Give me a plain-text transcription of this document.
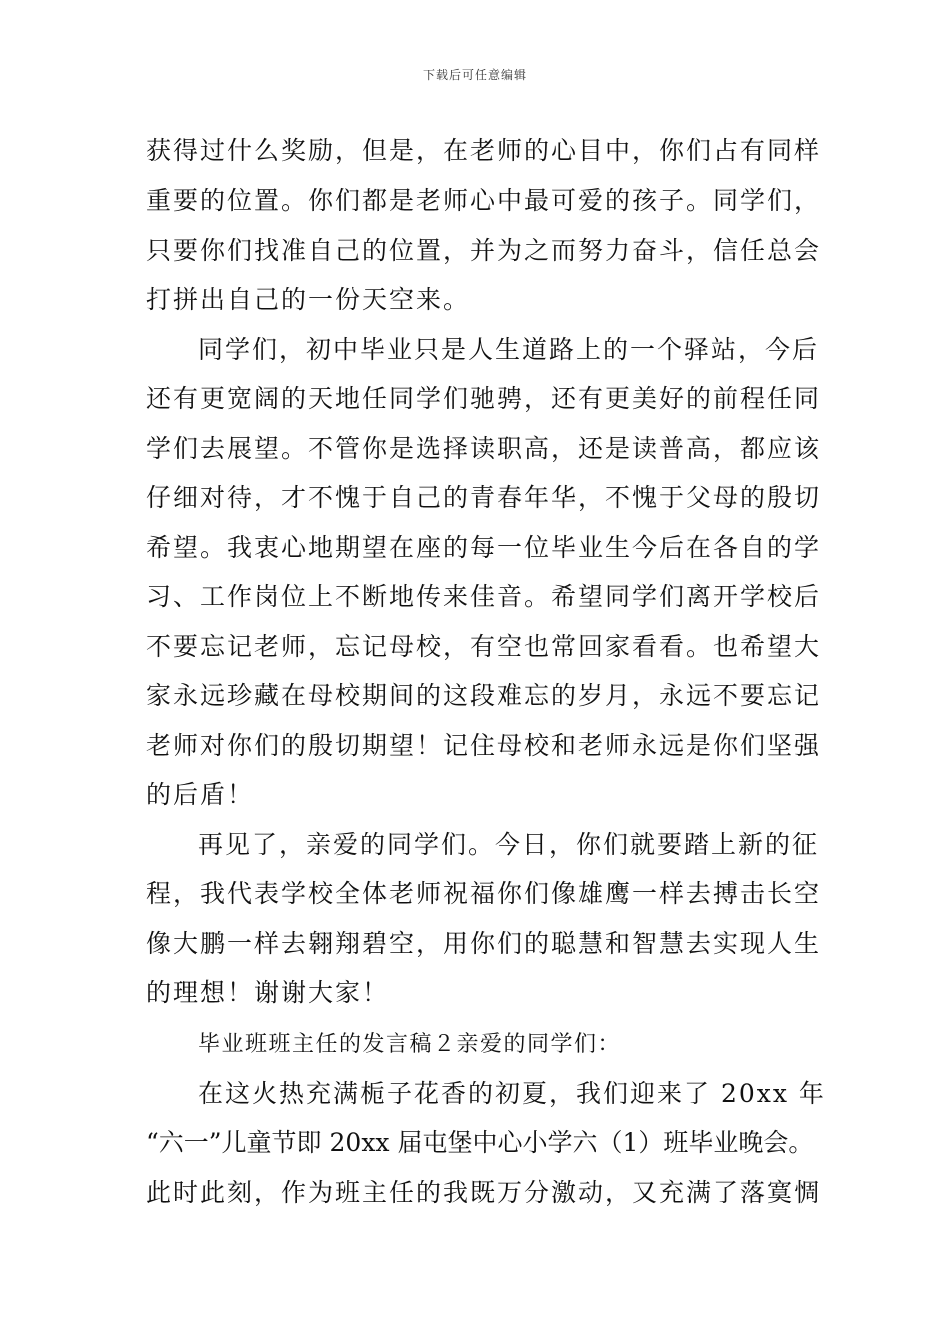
下载后可任意编辑
获得过什么奖励，但是，在老师的心目中，你们占有同样
重要的位置。你们都是老师心中最可爱的孩子。同学们，
只要你们找准自己的位置，并为之而努力奋斗，信任总会
打拼出自己的一份天空来。
同学们，初中毕业只是人生道路上的一个驿站，今后
还有更宽阔的天地任同学们驰骋，还有更美好的前程任同
学们去展望。不管你是选择读职高，还是读普高，都应该
仔细对待，才不愧于自己的青春年华，不愧于父母的殷切
希望。我衷心地期望在座的每一位毕业生今后在各自的学
习、工作岗位上不断地传来佳音。希望同学们离开学校后
不要忘记老师，忘记母校，有空也常回家看看。也希望大
家永远珍藏在母校期间的这段难忘的岁月，永远不要忘记
老师对你们的殷切期望！记住母校和老师永远是你们坚强
的后盾！
再见了，亲爱的同学们。今日，你们就要踏上新的征
程，我代表学校全体老师祝福你们像雄鹰一样去搏击长空
像大鹏一样去翱翔碧空，用你们的聪慧和智慧去实现人生
的理想！谢谢大家！
毕业班班主任的发言稿２亲爱的同学们：
在这火热充满栀子花香的初夏，我们迎来了 20xx 年
“六一”儿童节即 20xx 届屯堡中心小学六（1）班毕业晚会。
此时此刻，作为班主任的我既万分激动，又充满了落寞惆
